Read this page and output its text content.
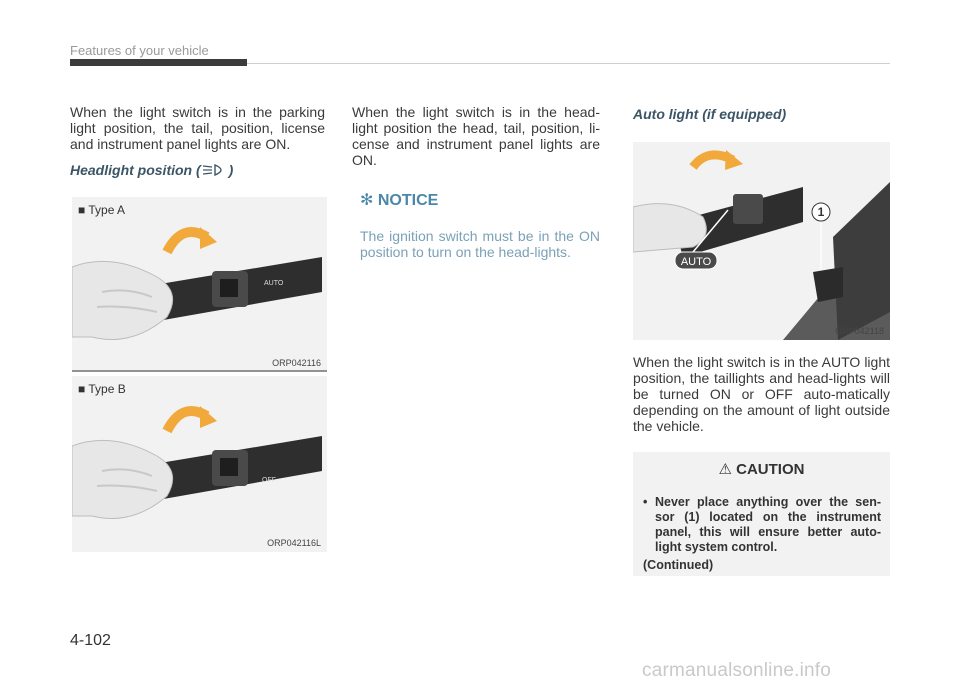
Features of your vehicle
When the light switch is in the parking light position, the tail, position, license and instrument panel lights are ON.
Headlight position ( )
■ Type A
AUTO
ORP042116
■ Type B
OFF
ORP042116L
When the light switch is in the head-light position the head, tail, position, li-cense and instrument panel lights are ON.
✻ NOTICE
The ignition switch must be in the ON position to turn on the head-lights.
Auto light (if equipped)
AUTO
1
ORP042118
When the light switch is in the AUTO light position, the taillights and head-lights will be turned ON or OFF auto-matically depending on the amount of light outside the vehicle.
⚠ CAUTION
• Never place anything over the sen-sor (1) located on the instrument panel, this will ensure better auto-light system control.
(Continued)
4-102
carmanualsonline.info
